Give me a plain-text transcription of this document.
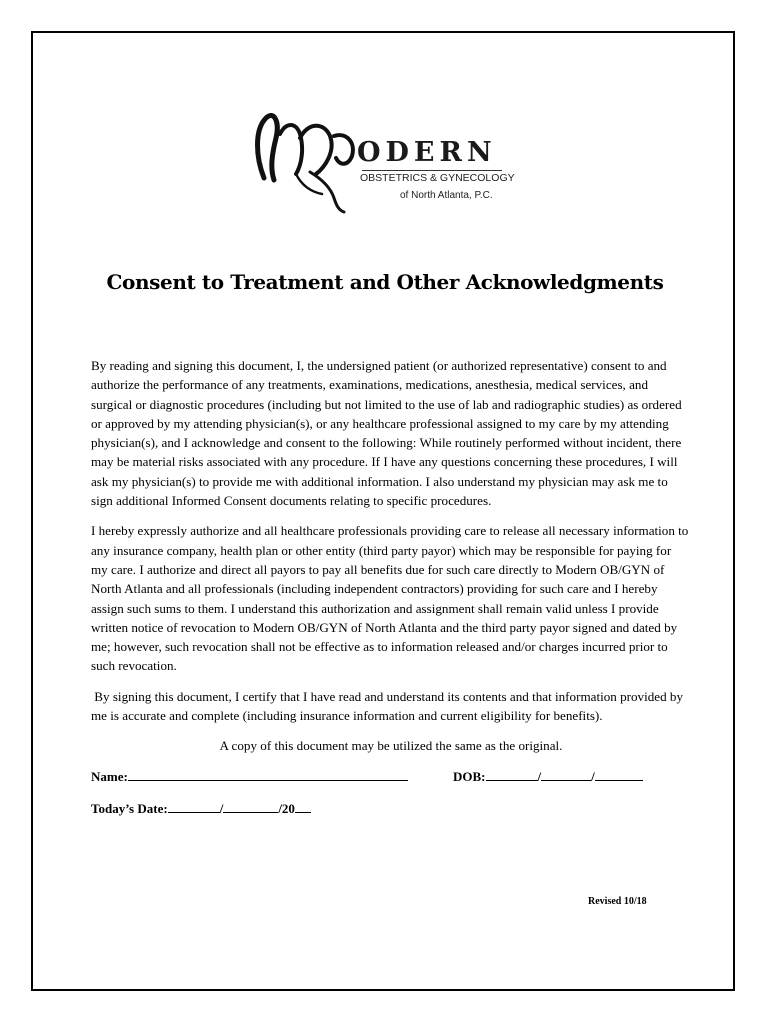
ODERN
OBSTETRICS & GYNECOLOGY
of North Atlanta, P.C.
Consent to Treatment and Other Acknowledgments

By reading and signing this document, I, the undersigned patient (or authorized representative) consent to and authorize the performance of any treatments, examinations, medications, anesthesia, medical services, and surgical or diagnostic procedures (including but not limited to the use of lab and radiographic studies) as ordered or approved by my attending physician(s), or any healthcare professional assigned to my care by my attending physician(s), and I acknowledge and consent to the following: While routinely performed without incident, there may be material risks associated with any procedure. If I have any questions concerning these procedures, I will ask my physician(s) to provide me with additional information. I also understand my physician may ask me to sign additional Informed Consent documents relating to specific procedures.

I hereby expressly authorize and all healthcare professionals providing care to release all necessary information to any insurance company, health plan or other entity (third party payor) which may be responsible for paying for my care. I authorize and direct all payors to pay all benefits due for such care directly to Modern OB/GYN of North Atlanta and all professionals (including independent contractors) providing for such care and I hereby assign such sums to them. I understand this authorization and assignment shall remain valid unless I provide written notice of revocation to Modern OB/GYN of North Atlanta and the third party payor signed and dated by me; however, such revocation shall not be effective as to information released and/or charges incurred prior to such revocation.

By signing this document, I certify that I have read and understand its contents and that information provided by me is accurate and complete (including insurance information and current eligibility for benefits).

A copy of this document may be utilized the same as the original.

Name:	DOB:	/	/
Today’s Date:	/	/20
Revised 10/18
